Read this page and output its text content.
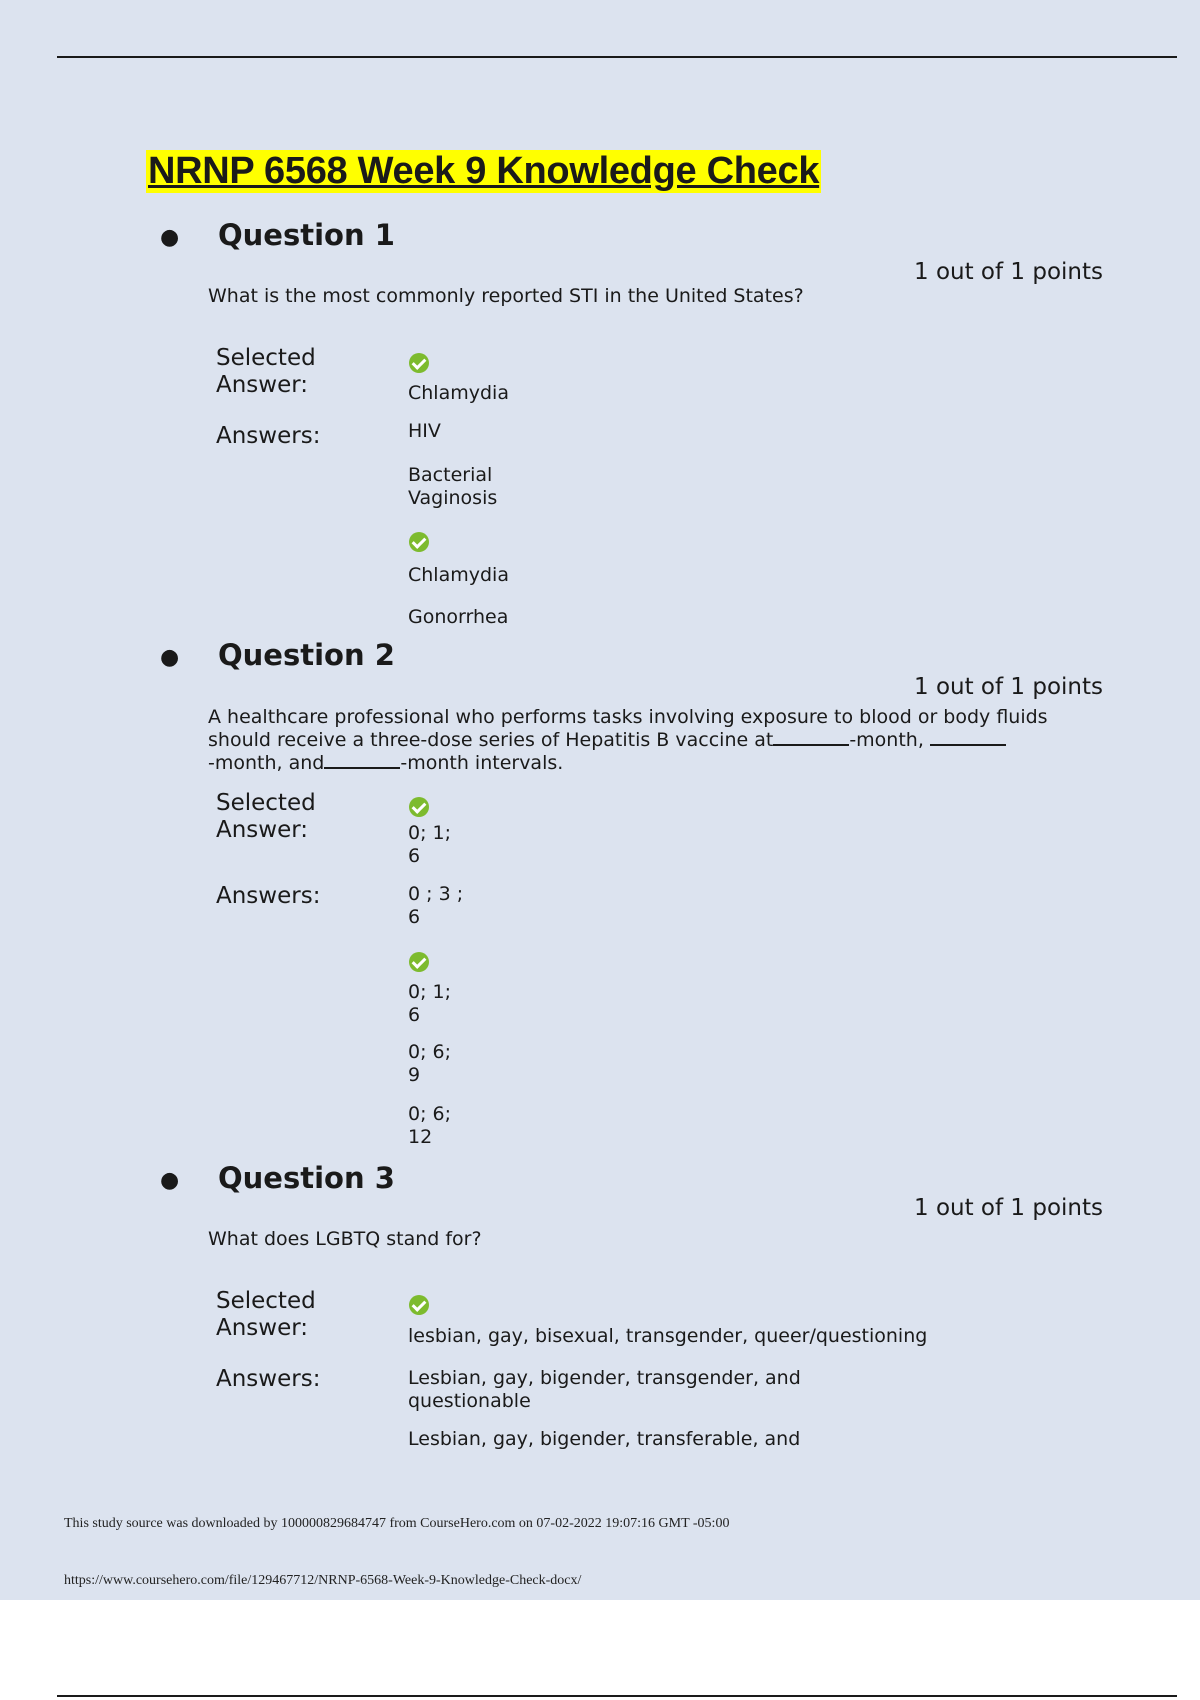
NRNP 6568 Week 9 Knowledge Check
● Question 1
1 out of 1 points
What is the most commonly reported STI in the United States?
Selected
Answer:	Chlamydia
Answers:	HIV
Bacterial Vaginosis
Chlamydia
Gonorrhea
● Question 2
1 out of 1 points
A healthcare professional who performs tasks involving exposure to blood or body fluids should receive a three-dose series of Hepatitis B vaccine at	-month,
-month, and	-month intervals.
Selected
Answer:	0; 1;
6
Answers:	0 ; 3 ;
6
0; 1;
6
0; 6;
9
0; 6;
12
● Question 3
1 out of 1 points
What does LGBTQ stand for?
Selected
Answer:	lesbian, gay, bisexual, transgender, queer/questioning
Answers:	Lesbian, gay, bigender, transgender, and questionable
Lesbian, gay, bigender, transferable, and
This study source was downloaded by 100000829684747 from CourseHero.com on 07-02-2022 19:07:16 GMT -05:00
https://www.coursehero.com/file/129467712/NRNP-6568-Week-9-Knowledge-Check-docx/
